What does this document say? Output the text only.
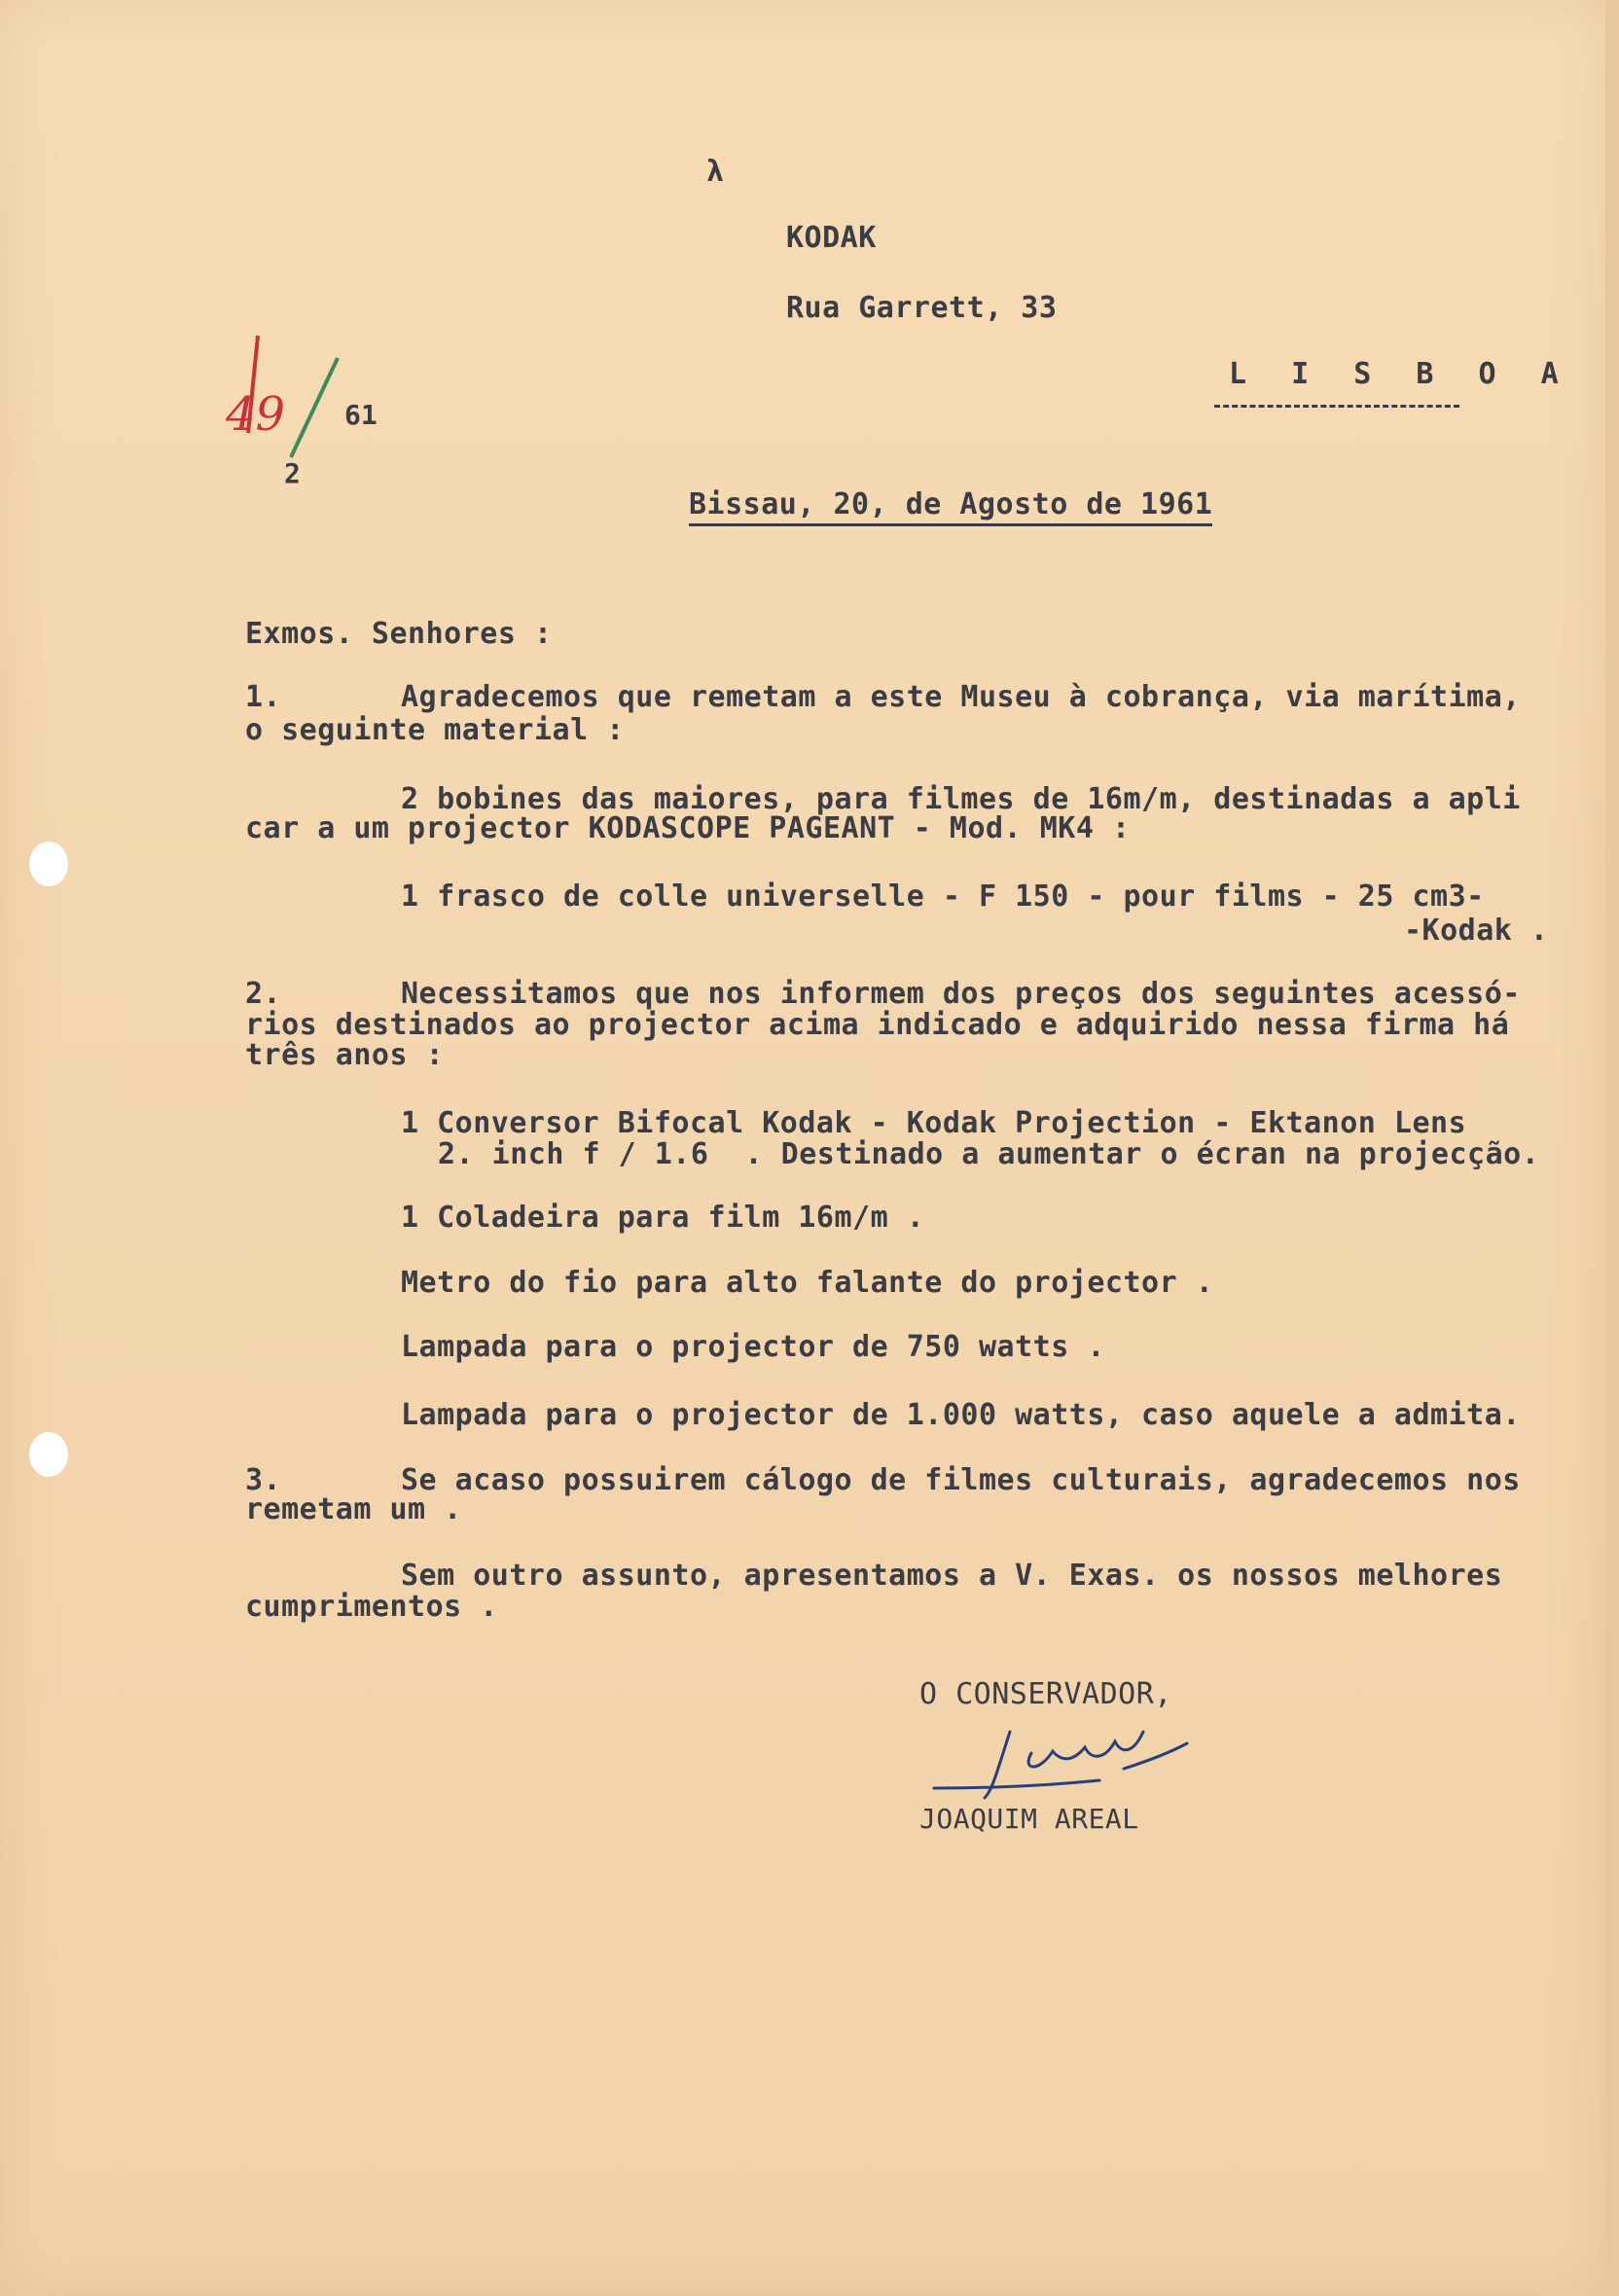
λ
KODAK
Rua Garrett, 33
L I S B O A
49 61
2
Bissau, 20, de Agosto de 1961
Exmos. Senhores :
1.	Agradecemos que remetam a este Museu à cobrança, via marítima,
o seguinte material :
2 bobines das maiores, para filmes de 16m/m, destinadas a apli
car a um projector KODASCOPE PAGEANT - Mod. MK4 :
1 frasco de colle universelle - F 150 - pour films - 25 cm3-
-Kodak .
2.	Necessitamos que nos informem dos preços dos seguintes acessó-
rios destinados ao projector acima indicado e adquirido nessa firma há
três anos :
1 Conversor Bifocal Kodak - Kodak Projection - Ektanon Lens
2. inch f / 1.6  . Destinado a aumentar o écran na projecção.
1 Coladeira para film 16m/m .
Metro do fio para alto falante do projector .
Lampada para o projector de 750 watts .
Lampada para o projector de 1.000 watts, caso aquele a admita.
3.	Se acaso possuirem cálogo de filmes culturais, agradecemos nos
remetam um .
Sem outro assunto, apresentamos a V. Exas. os nossos melhores
cumprimentos .
O CONSERVADOR,
JOAQUIM AREAL
